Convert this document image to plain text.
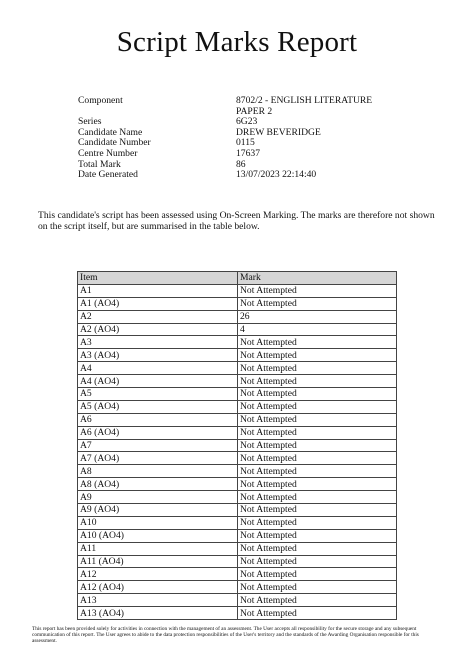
Script Marks Report
Component	8702/2 - ENGLISH LITERATURE
PAPER 2
Series	6G23
Candidate Name	DREW BEVERIDGE
Candidate Number	0115
Centre Number	17637
Total Mark	86
Date Generated	13/07/2023 22:14:40
This candidate's script has been assessed using On-Screen Marking. The marks are therefore not shown on the script itself, but are summarised in the table below.
Item	Mark
A1	Not Attempted
A1 (AO4)	Not Attempted
A2	26
A2 (AO4)	4
A3	Not Attempted
A3 (AO4)	Not Attempted
A4	Not Attempted
A4 (AO4)	Not Attempted
A5	Not Attempted
A5 (AO4)	Not Attempted
A6	Not Attempted
A6 (AO4)	Not Attempted
A7	Not Attempted
A7 (AO4)	Not Attempted
A8	Not Attempted
A8 (AO4)	Not Attempted
A9	Not Attempted
A9 (AO4)	Not Attempted
A10	Not Attempted
A10 (AO4)	Not Attempted
A11	Not Attempted
A11 (AO4)	Not Attempted
A12	Not Attempted
A12 (AO4)	Not Attempted
A13	Not Attempted
A13 (AO4)	Not Attempted
This report has been provided solely for activities in connection with the management of an assessment. The User accepts all responsibility for the secure storage and any subsequent communication of this report. The User agrees to abide to the data protection responsibilities of the User's territory and the standards of the Awarding Organisation responsible for this assessment.
